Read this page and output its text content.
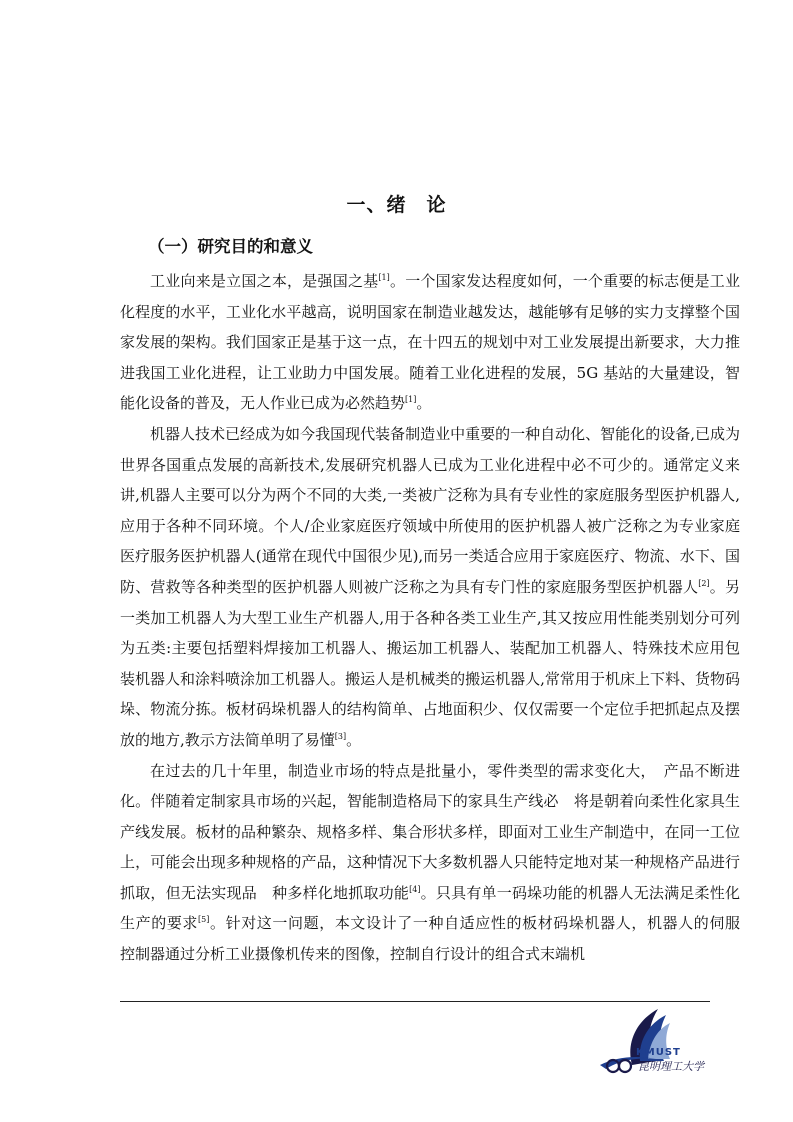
一、绪　论
（一）研究目的和意义

工业向来是立国之本，是强国之基[1]。一个国家发达程度如何，一个重要的标志便是工业化程度的水平，工业化水平越高，说明国家在制造业越发达，越能够有足够的实力支撑整个国家发展的架构。我们国家正是基于这一点，在十四五的规划中对工业发展提出新要求，大力推进我国工业化进程，让工业助力中国发展。随着工业化进程的发展，5G 基站的大量建设，智能化设备的普及，无人作业已成为必然趋势[1]。

机器人技术已经成为如今我国现代装备制造业中重要的一种自动化、智能化的设备,已成为世界各国重点发展的高新技术,发展研究机器人已成为工业化进程中必不可少的。通常定义来讲,机器人主要可以分为两个不同的大类,一类被广泛称为具有专业性的家庭服务型医护机器人,应用于各种不同环境。个人/企业家庭医疗领域中所使用的医护机器人被广泛称之为专业家庭医疗服务医护机器人(通常在现代中国很少见),而另一类适合应用于家庭医疗、物流、水下、国防、营救等各种类型的医护机器人则被广泛称之为具有专门性的家庭服务型医护机器人[2]。另一类加工机器人为大型工业生产机器人,用于各种各类工业生产,其又按应用性能类别划分可列为五类:主要包括塑料焊接加工机器人、搬运加工机器人、装配加工机器人、特殊技术应用包装机器人和涂料喷涂加工机器人。搬运人是机械类的搬运机器人,常常用于机床上下料、货物码垛、物流分拣。板材码垛机器人的结构简单、占地面积少、仅仅需要一个定位手把抓起点及摆放的地方,教示方法简单明了易懂[3]。

在过去的几十年里，制造业市场的特点是批量小，零件类型的需求变化大，　产品不断进化。伴随着定制家具市场的兴起，智能制造格局下的家具生产线必　将是朝着向柔性化家具生产线发展。板材的品种繁杂、规格多样、集合形状多样，即面对工业生产制造中，在同一工位上，可能会出现多种规格的产品，这种情况下大多数机器人只能特定地对某一种规格产品进行抓取，但无法实现品　种多样化地抓取功能[4]。只具有单一码垛功能的机器人无法满足柔性化生产的要求[5]。针对这一问题，本文设计了一种自适应性的板材码垛机器人，机器人的伺服　控制器通过分析工业摄像机传来的图像，控制自行设计的组合式末端机

KMUST
昆明理工大学
